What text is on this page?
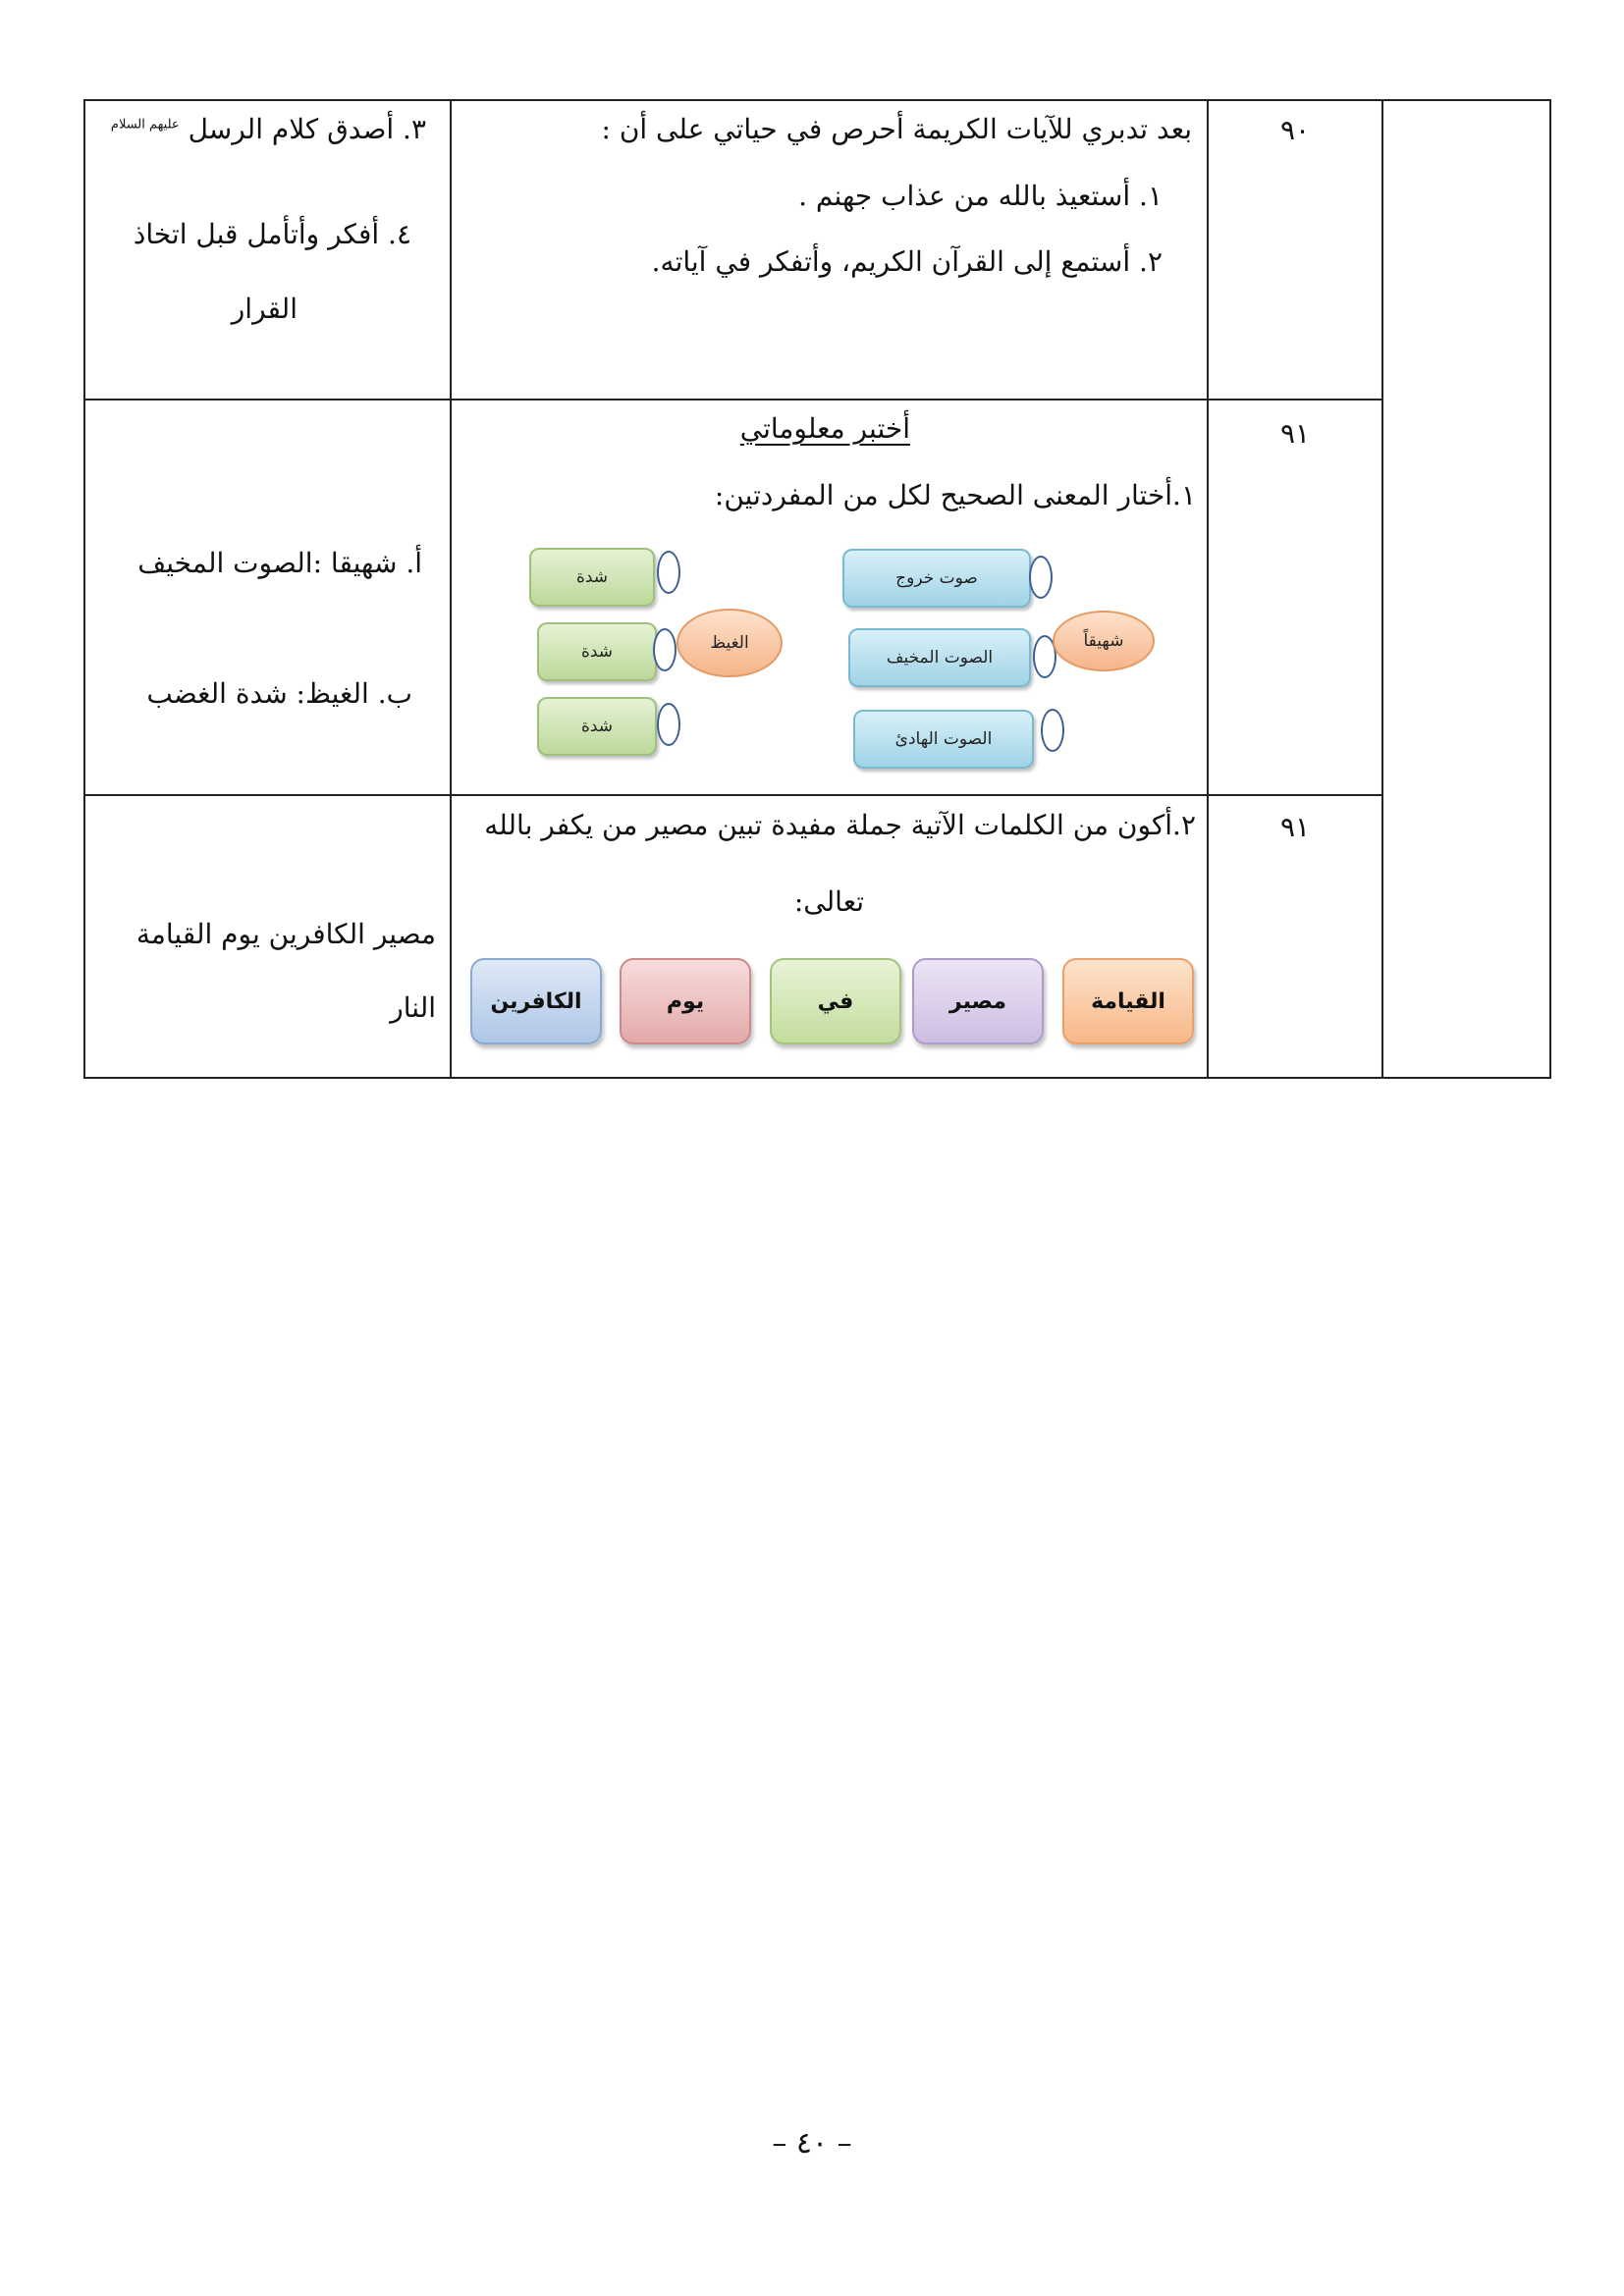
٩٠
بعد تدبري للآيات الكريمة أحرص في حياتي على أن :
١. أستعيذ بالله من عذاب جهنم .
٢. أستمع إلى القرآن الكريم، وأتفكر في آياته.
٣. أصدق كلام الرسل $^{عليهم السلام}$
٤. أفكر وأتأمل قبل اتخاذ
القرار
٩١
أختبر معلوماتي
١.أختار المعنى الصحيح لكل من المفردتين:
صوت خروج
الصوت المخيف
الصوت الهادئ
شهيقاً
شدة
شدة
شدة
الغيظ
أ. شهيقا :الصوت المخيف
ب. الغيظ: شدة الغضب
٩١
٢.أكون من الكلمات الآتية جملة مفيدة تبين مصير من يكفر بالله
تعالى:
القيامة
مصير
في
يوم
الكافرين
مصير الكافرين يوم القيامة
النار
– ٤٠ –
